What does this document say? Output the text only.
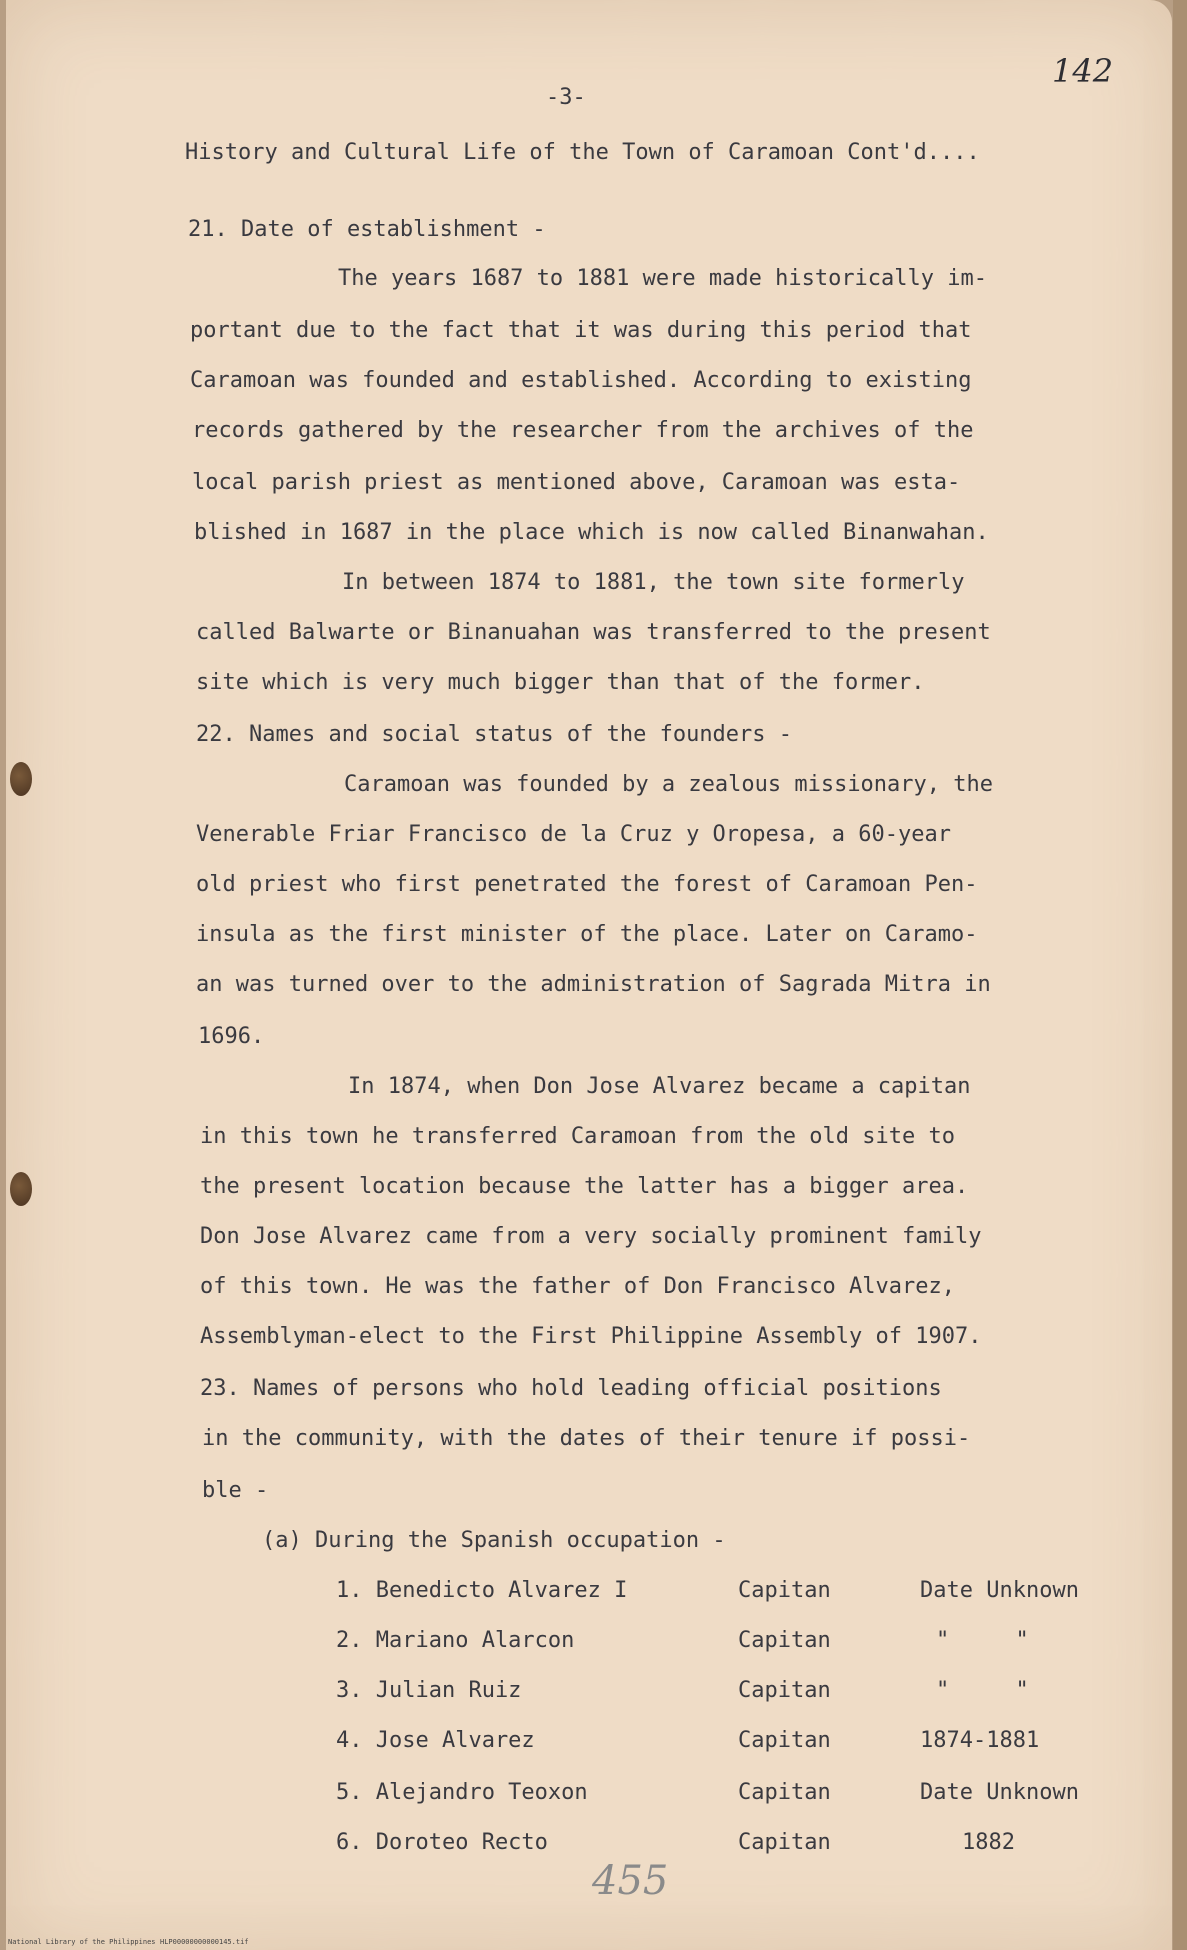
-3-
142
History and Cultural Life of the Town of Caramoan Cont'd....
21. Date of establishment -
The years 1687 to 1881 were made historically im-
portant due to the fact that it was during this period that
Caramoan was founded and established. According to existing
records gathered by the researcher from the archives of the
local parish priest as mentioned above, Caramoan was esta-
blished in 1687 in the place which is now called Binanwahan.
In between 1874 to 1881, the town site formerly
called Balwarte or Binanuahan was transferred to the present
site which is very much bigger than that of the former.
22. Names and social status of the founders -
Caramoan was founded by a zealous missionary, the
Venerable Friar Francisco de la Cruz y Oropesa, a 60-year
old priest who first penetrated the forest of Caramoan Pen-
insula as the first minister of the place. Later on Caramo-
an was turned over to the administration of Sagrada Mitra in
1696.
In 1874, when Don Jose Alvarez became a capitan
in this town he transferred Caramoan from the old site to
the present location because the latter has a bigger area.
Don Jose Alvarez came from a very socially prominent family
of this town. He was the father of Don Francisco Alvarez,
Assemblyman-elect to the First Philippine Assembly of 1907.
23. Names of persons who hold leading official positions
in the community, with the dates of their tenure if possi-
ble -
(a) During the Spanish occupation -
1. Benedicto Alvarez I	Capitan	Date Unknown
2. Mariano Alarcon	Capitan	"     "
3. Julian Ruiz	Capitan	"     "
4. Jose Alvarez	Capitan	1874-1881
5. Alejandro Teoxon	Capitan	Date Unknown
6. Doroteo Recto	Capitan	1882
455
National Library of the Philippines HLP00000000000145.tif
